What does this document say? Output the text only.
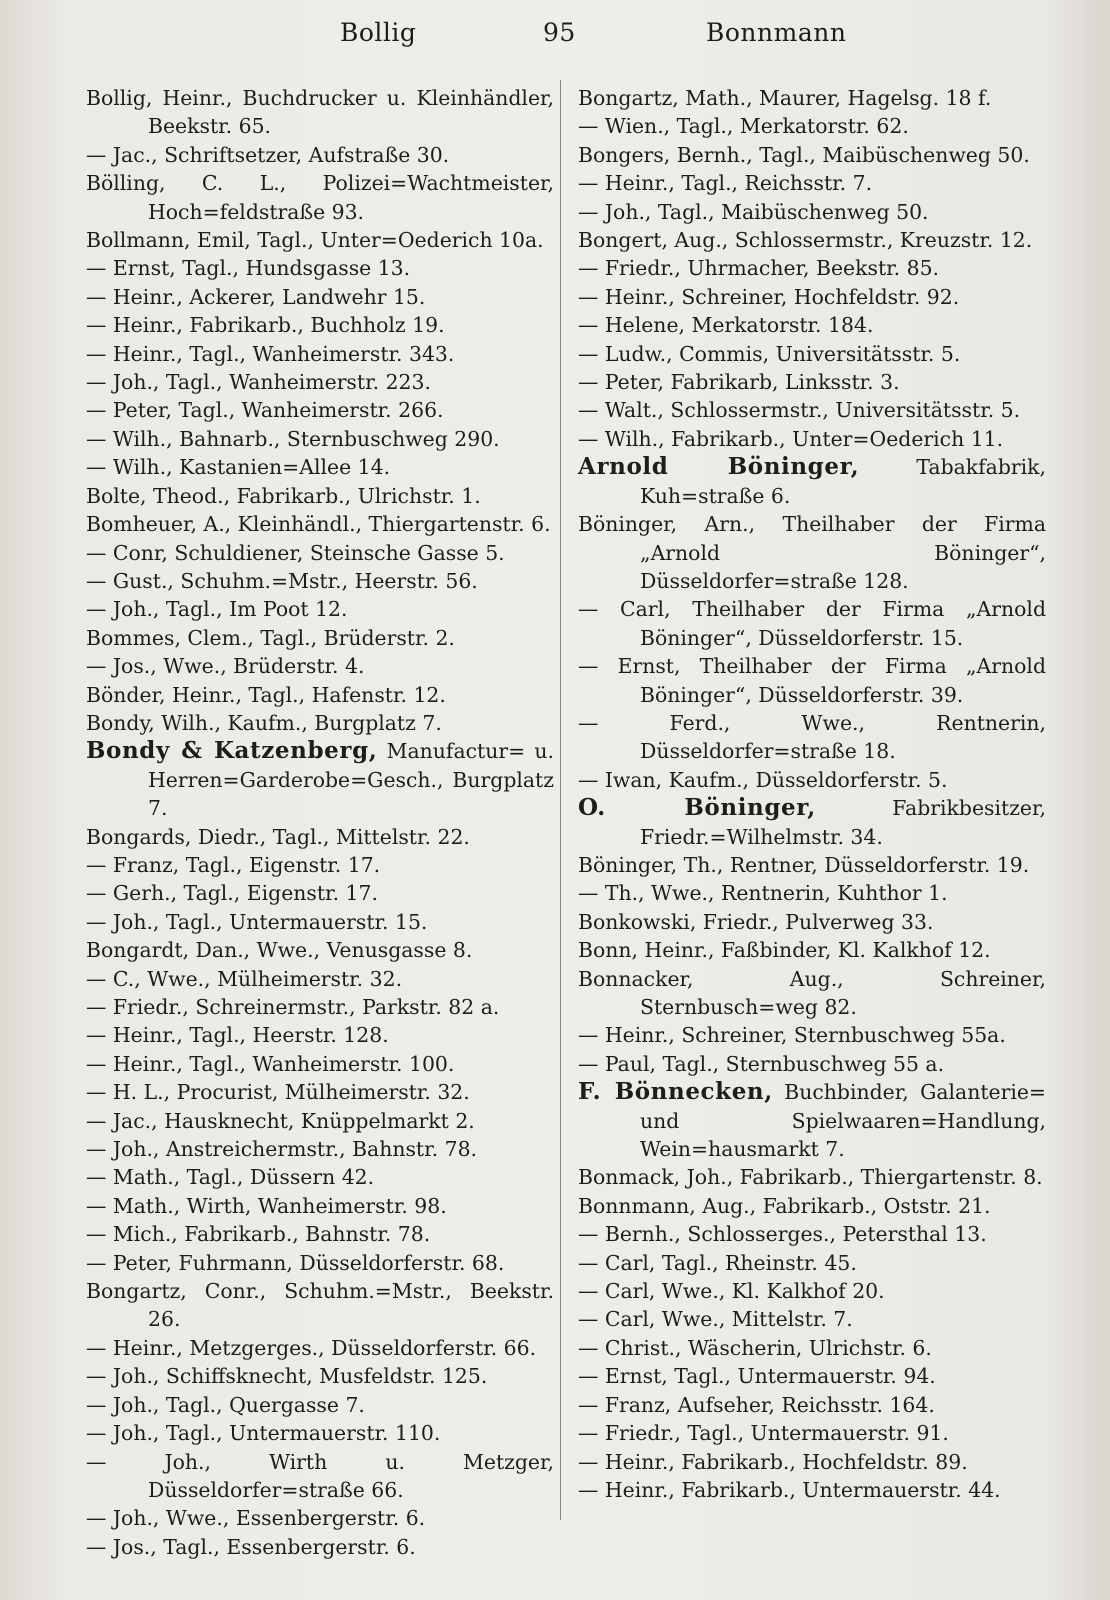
Bollig	95	Bonnmann
Bollig, Heinr., Buchdrucker u. Kleinhändler, Beekstr. 65.
— Jac., Schriftsetzer, Aufstraße 30.
Bölling, C. L., Polizei=Wachtmeister, Hoch=feldstraße 93.
Bollmann, Emil, Tagl., Unter=Oederich 10a.
— Ernst, Tagl., Hundsgasse 13.
— Heinr., Ackerer, Landwehr 15.
— Heinr., Fabrikarb., Buchholz 19.
— Heinr., Tagl., Wanheimerstr. 343.
— Joh., Tagl., Wanheimerstr. 223.
— Peter, Tagl., Wanheimerstr. 266.
— Wilh., Bahnarb., Sternbuschweg 290.
— Wilh., Kastanien=Allee 14.
Bolte, Theod., Fabrikarb., Ulrichstr. 1.
Bomheuer, A., Kleinhändl., Thiergartenstr. 6.
— Conr, Schuldiener, Steinsche Gasse 5.
— Gust., Schuhm.=Mstr., Heerstr. 56.
— Joh., Tagl., Im Poot 12.
Bommes, Clem., Tagl., Brüderstr. 2.
— Jos., Wwe., Brüderstr. 4.
Bönder, Heinr., Tagl., Hafenstr. 12.
Bondy, Wilh., Kaufm., Burgplatz 7.
Bondy & Katzenberg, Manufactur= u. Herren=Garderobe=Gesch., Burgplatz 7.
Bongards, Diedr., Tagl., Mittelstr. 22.
— Franz, Tagl., Eigenstr. 17.
— Gerh., Tagl., Eigenstr. 17.
— Joh., Tagl., Untermauerstr. 15.
Bongardt, Dan., Wwe., Venusgasse 8.
— C., Wwe., Mülheimerstr. 32.
— Friedr., Schreinermstr., Parkstr. 82 a.
— Heinr., Tagl., Heerstr. 128.
— Heinr., Tagl., Wanheimerstr. 100.
— H. L., Procurist, Mülheimerstr. 32.
— Jac., Hausknecht, Knüppelmarkt 2.
— Joh., Anstreichermstr., Bahnstr. 78.
— Math., Tagl., Düssern 42.
— Math., Wirth, Wanheimerstr. 98.
— Mich., Fabrikarb., Bahnstr. 78.
— Peter, Fuhrmann, Düsseldorferstr. 68.
Bongartz, Conr., Schuhm.=Mstr., Beekstr. 26.
— Heinr., Metzgerges., Düsseldorferstr. 66.
— Joh., Schiffsknecht, Musfeldstr. 125.
— Joh., Tagl., Quergasse 7.
— Joh., Tagl., Untermauerstr. 110.
— Joh., Wirth u. Metzger, Düsseldorfer=straße 66.
— Joh., Wwe., Essenbergerstr. 6.
— Jos., Tagl., Essenbergerstr. 6.
Bongartz, Math., Maurer, Hagelsg. 18 f.
— Wien., Tagl., Merkatorstr. 62.
Bongers, Bernh., Tagl., Maibüschenweg 50.
— Heinr., Tagl., Reichsstr. 7.
— Joh., Tagl., Maibüschenweg 50.
Bongert, Aug., Schlossermstr., Kreuzstr. 12.
— Friedr., Uhrmacher, Beekstr. 85.
— Heinr., Schreiner, Hochfeldstr. 92.
— Helene, Merkatorstr. 184.
— Ludw., Commis, Universitätsstr. 5.
— Peter, Fabrikarb, Linksstr. 3.
— Walt., Schlossermstr., Universitätsstr. 5.
— Wilh., Fabrikarb., Unter=Oederich 11.
Arnold Böninger,	Tabakfabrik, Kuh=straße 6.
Böninger, Arn., Theilhaber der Firma „Arnold Böninger“, Düsseldorfer=straße 128.
— Carl, Theilhaber der Firma „Arnold Böninger“, Düsseldorferstr. 15.
— Ernst, Theilhaber der Firma „Arnold Böninger“, Düsseldorferstr. 39.
— Ferd., Wwe., Rentnerin, Düsseldorfer=straße 18.
— Iwan, Kaufm., Düsseldorferstr. 5.
O. Böninger,	Fabrikbesitzer, Friedr.=Wilhelmstr. 34.
Böninger, Th., Rentner, Düsseldorferstr. 19.
— Th., Wwe., Rentnerin, Kuhthor 1.
Bonkowski, Friedr., Pulverweg 33.
Bonn, Heinr., Faßbinder, Kl. Kalkhof 12.
Bonnacker, Aug., Schreiner, Sternbusch=weg 82.
— Heinr., Schreiner, Sternbuschweg 55a.
— Paul, Tagl., Sternbuschweg 55 a.
F. Bönnecken, Buchbinder, Galanterie= und Spielwaaren=Handlung, Wein=hausmarkt 7.
Bonmack, Joh., Fabrikarb., Thiergartenstr. 8.
Bonnmann, Aug., Fabrikarb., Oststr. 21.
— Bernh., Schlosserges., Petersthal 13.
— Carl, Tagl., Rheinstr. 45.
— Carl, Wwe., Kl. Kalkhof 20.
— Carl, Wwe., Mittelstr. 7.
— Christ., Wäscherin, Ulrichstr. 6.
— Ernst, Tagl., Untermauerstr. 94.
— Franz, Aufseher, Reichsstr. 164.
— Friedr., Tagl., Untermauerstr. 91.
— Heinr., Fabrikarb., Hochfeldstr. 89.
— Heinr., Fabrikarb., Untermauerstr. 44.
